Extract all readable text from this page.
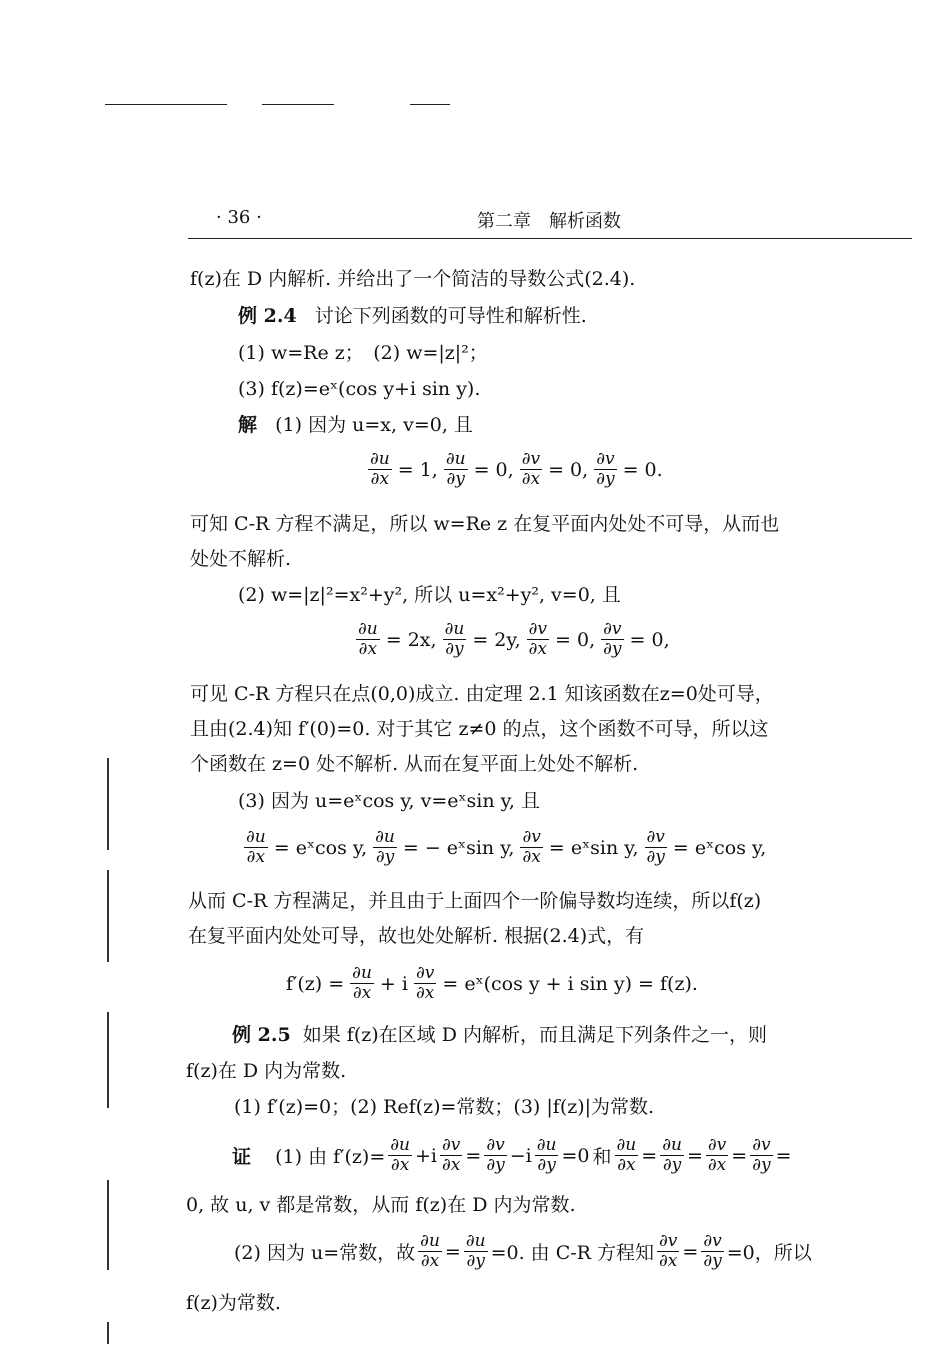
· 36 ·	第二章　解析函数
f(z)在 D 内解析. 并给出了一个简洁的导数公式(2.4).
例 2.4 讨论下列函数的可导性和解析性.
(1) w=Re z；　(2) w=|z|²；
(3) f(z)=eˣ(cos y+i sin y).
解 (1) 因为 u=x, v=0, 且
$\frac{\partial u}{\partial x} = 1$, $\frac{\partial u}{\partial y} = 0$, $\frac{\partial v}{\partial x} = 0$, $\frac{\partial v}{\partial y} = 0$.
可知 C-R 方程不满足，所以 w=Re z 在复平面内处处不可导，从而也
处处不解析.
(2) w=|z|²=x²+y², 所以 u=x²+y², v=0, 且
$\frac{\partial u}{\partial x} = 2x$, $\frac{\partial u}{\partial y} = 2y$, $\frac{\partial v}{\partial x} = 0$, $\frac{\partial v}{\partial y} = 0$,
可见 C-R 方程只在点(0,0)成立. 由定理 2.1 知该函数在z=0处可导，
且由(2.4)知 f′(0)=0. 对于其它 z≠0 的点，这个函数不可导，所以这
个函数在 z=0 处不解析. 从而在复平面上处处不解析.
(3) 因为 u=eˣcos y, v=eˣsin y, 且
$\frac{\partial u}{\partial x}$ = eˣcos y, $\frac{\partial u}{\partial y}$ = − eˣsin y, $\frac{\partial v}{\partial x}$ = eˣsin y, $\frac{\partial v}{\partial y}$ = eˣcos y,
从而 C-R 方程满足，并且由于上面四个一阶偏导数均连续，所以f(z)
在复平面内处处可导，故也处处解析. 根据(2.4)式，有
$f'(z) = \frac{\partial u}{\partial x} + i \frac{\partial v}{\partial x}$ = eˣ(cos y + i sin y) = f(z).
例 2.5 如果 f(z)在区域 D 内解析，而且满足下列条件之一，则
f(z)在 D 内为常数.
(1) f′(z)=0；(2) Ref(z)=常数；(3) |f(z)|为常数.
证
(1) 由 $f'(z)= \frac{\partial u}{\partial x} +i \frac{\partial v}{\partial x} = \frac{\partial v}{\partial y} -i \frac{\partial u}{\partial y} =0$ 和 $\frac{\partial u}{\partial x} = \frac{\partial u}{\partial y} = \frac{\partial v}{\partial x} = \frac{\partial v}{\partial y}$ =
0, 故 u, v 都是常数，从而 f(z)在 D 内为常数.
(2) 因为 u=常数，故 $\frac{\partial u}{\partial x} = \frac{\partial u}{\partial y} =0$. 由 C-R 方程知 $\frac{\partial v}{\partial x} = \frac{\partial v}{\partial y} =0$，所以
f(z)为常数.
